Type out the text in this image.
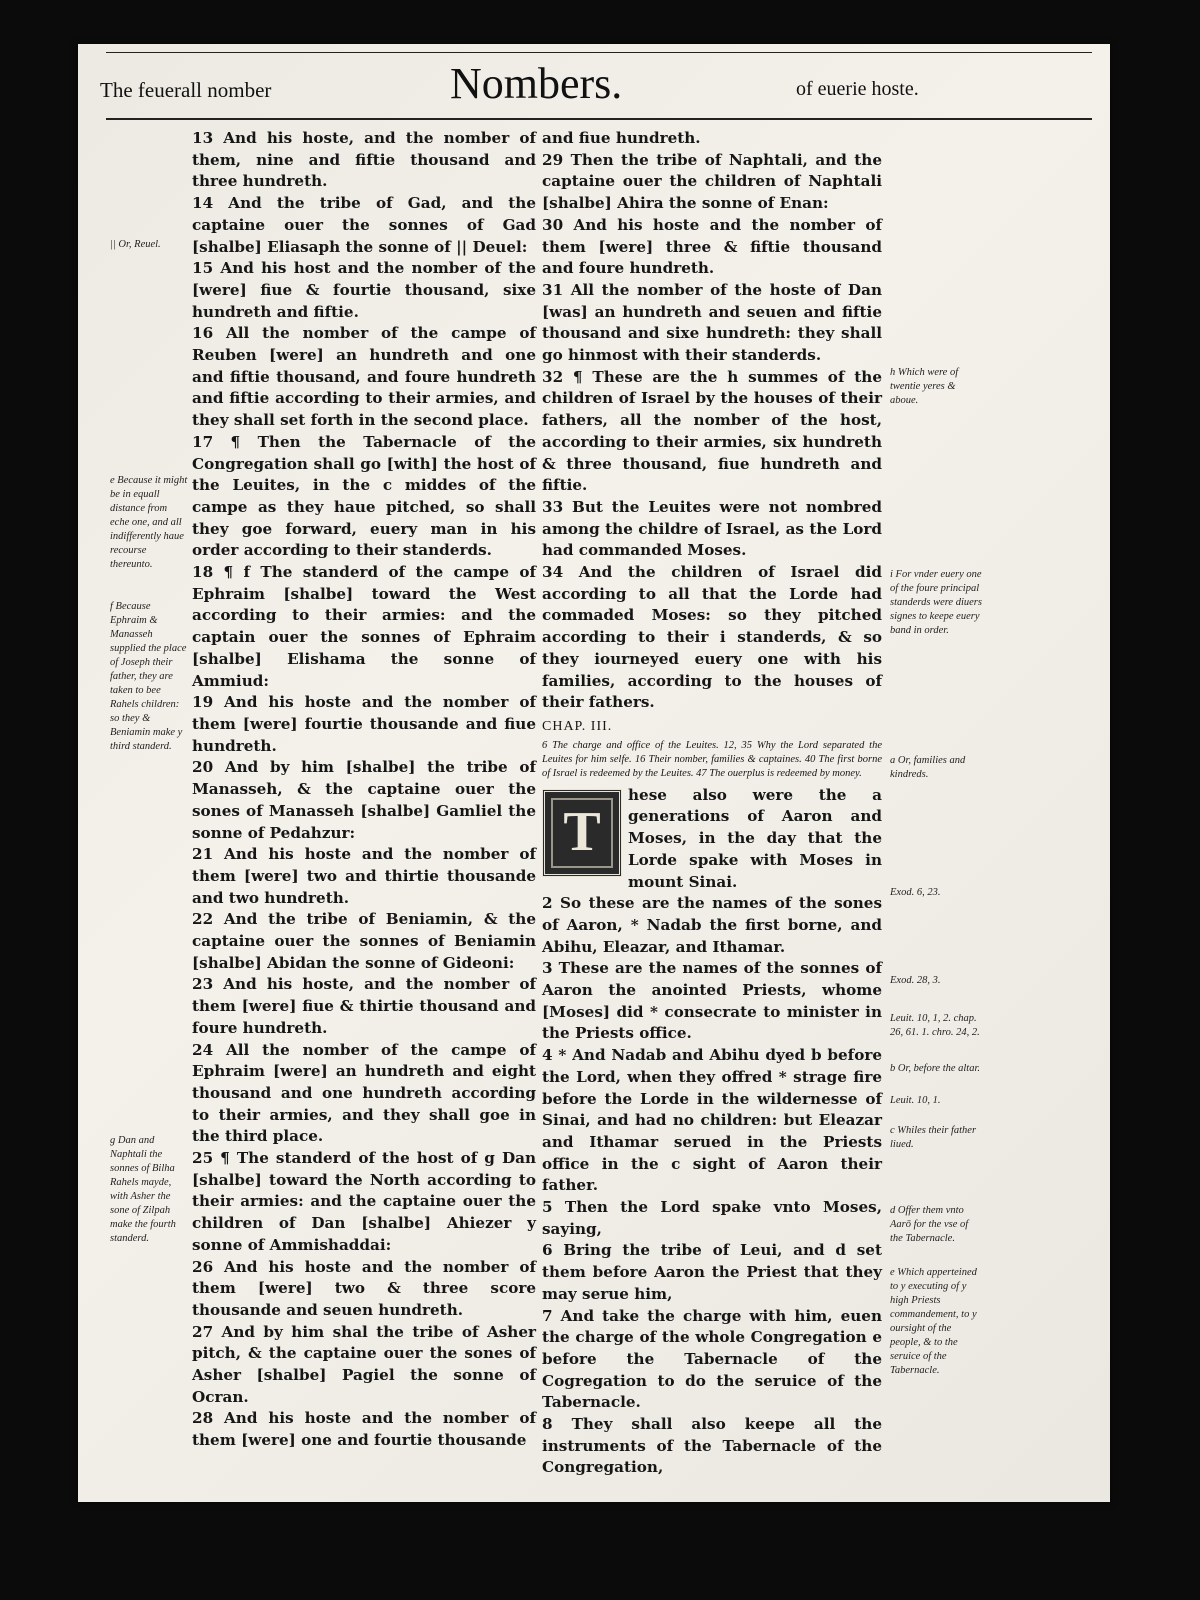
The feuerall nomber	Nombers.	of euerie hoste.

13 And his hoste, and the nomber of them, nine and fiftie thousand and three hundreth.

14 And the tribe of Gad, and the captaine ouer the sonnes of Gad [shalbe] Eliasaph the sonne of || Deuel:

15 And his host and the nomber of the [were] fiue & fourtie thousand, sixe hundreth and fiftie.

16 All the nomber of the campe of Reuben [were] an hundreth and one and fiftie thousand, and foure hundreth and fiftie according to their armies, and they shall set forth in the second place.

17 ¶ Then the Tabernacle of the Congregation shall go [with] the host of the Leuites, in the c middes of the campe as they haue pitched, so shall they goe forward, euery man in his order according to their standerds.

18 ¶ f The standerd of the campe of Ephraim [shalbe] toward the West according to their armies: and the captain ouer the sonnes of Ephraim [shalbe] Elishama the sonne of Ammiud:

19 And his hoste and the nomber of them [were] fourtie thousande and fiue hundreth.

20 And by him [shalbe] the tribe of Manasseh, & the captaine ouer the sones of Manasseh [shalbe] Gamliel the sonne of Pedahzur:

21 And his hoste and the nomber of them [were] two and thirtie thousande and two hundreth.

22 And the tribe of Beniamin, & the captaine ouer the sonnes of Beniamin [shalbe] Abidan the sonne of Gideoni:

23 And his hoste, and the nomber of them [were] fiue & thirtie thousand and foure hundreth.

24 All the nomber of the campe of Ephraim [were] an hundreth and eight thousand and one hundreth according to their armies, and they shall goe in the third place.

25 ¶ The standerd of the host of g Dan [shalbe] toward the North according to their armies: and the captaine ouer the children of Dan [shalbe] Ahiezer y sonne of Ammishaddai:

26 And his hoste and the nomber of them [were] two & three score thousande and seuen hundreth.

27 And by him shal the tribe of Asher pitch, & the captaine ouer the sones of Asher [shalbe] Pagiel the sonne of Ocran.

28 And his hoste and the nomber of them [were] one and fourtie thousande

and fiue hundreth.

29 Then the tribe of Naphtali, and the captaine ouer the children of Naphtali [shalbe] Ahira the sonne of Enan:

30 And his hoste and the nomber of them [were] three & fiftie thousand and foure hundreth.

31 All the nomber of the hoste of Dan [was] an hundreth and seuen and fiftie thousand and sixe hundreth: they shall go hinmost with their standerds.

32 ¶ These are the h summes of the children of Israel by the houses of their fathers, all the nomber of the host, according to their armies, six hundreth & three thousand, fiue hundreth and fiftie.

33 But the Leuites were not nombred among the childre of Israel, as the Lord had commanded Moses.

34 And the children of Israel did according to all that the Lorde had commaded Moses: so they pitched according to their i standerds, & so they iourneyed euery one with his families, according to the houses of their fathers.

CHAP. III.

6 The charge and office of the Leuites. 12, 35 Why the Lord separated the Leuites for him selfe. 16 Their nomber, families & captaines. 40 The first borne of Israel is redeemed by the Leuites. 47 The ouerplus is redeemed by money.

T

hese also were the a generations of Aaron and Moses, in the day that the Lorde spake with Moses in mount Sinai.

2 So these are the names of the sones of Aaron, * Nadab the first borne, and Abihu, Eleazar, and Ithamar.

3 These are the names of the sonnes of Aaron the anointed Priests, whome [Moses] did * consecrate to minister in the Priests office.

4 * And Nadab and Abihu dyed b before the Lord, when they offred * strage fire before the Lorde in the wildernesse of Sinai, and had no children: but Eleazar and Ithamar serued in the Priests office in the c sight of Aaron their father.

5 Then the Lord spake vnto Moses, saying,

6 Bring the tribe of Leui, and d set them before Aaron the Priest that they may serue him,

7 And take the charge with him, euen the charge of the whole Congregation e before the Tabernacle of the Cogregation to do the seruice of the Tabernacle.

8 They shall also keepe all the instruments of the Tabernacle of the Congregation,

|| Or, Reuel.
e Because it might be in equall distance from eche one, and all indifferently haue recourse thereunto.
f Because Ephraim & Manasseh supplied the place of Joseph their father, they are taken to bee Rahels children: so they & Beniamin make y third standerd.
g Dan and Naphtali the sonnes of Bilha Rahels mayde, with Asher the sone of Zilpah make the fourth standerd.
h Which were of twentie yeres & aboue.
i For vnder euery one of the foure principal standerds were diuers signes to keepe euery band in order.
a Or, families and kindreds.
Exod. 6, 23.
Exod. 28, 3.
Leuit. 10, 1, 2. chap. 26, 61. 1. chro. 24, 2.
b Or, before the altar.
Leuit. 10, 1.
c Whiles their father liued.
d Offer them vnto Aarō for the vse of the Tabernacle.
e Which apperteined to y executing of y high Priests commandement, to y oursight of the people, & to the seruice of the Tabernacle.
